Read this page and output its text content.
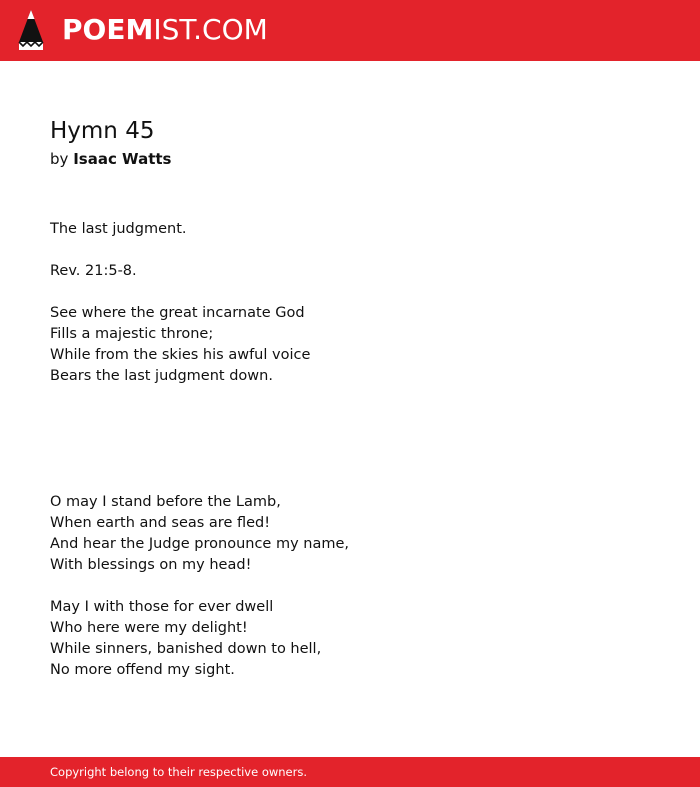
POEMIST.COM
Hymn 45
by Isaac Watts
The last judgment.
Rev. 21:5-8.
See where the great incarnate God
Fills a majestic throne;
While from the skies his awful voice
Bears the last judgment down.
O may I stand before the Lamb,
When earth and seas are fled!
And hear the Judge pronounce my name,
With blessings on my head!
May I with those for ever dwell
Who here were my delight!
While sinners, banished down to hell,
No more offend my sight.
Copyright belong to their respective owners.
